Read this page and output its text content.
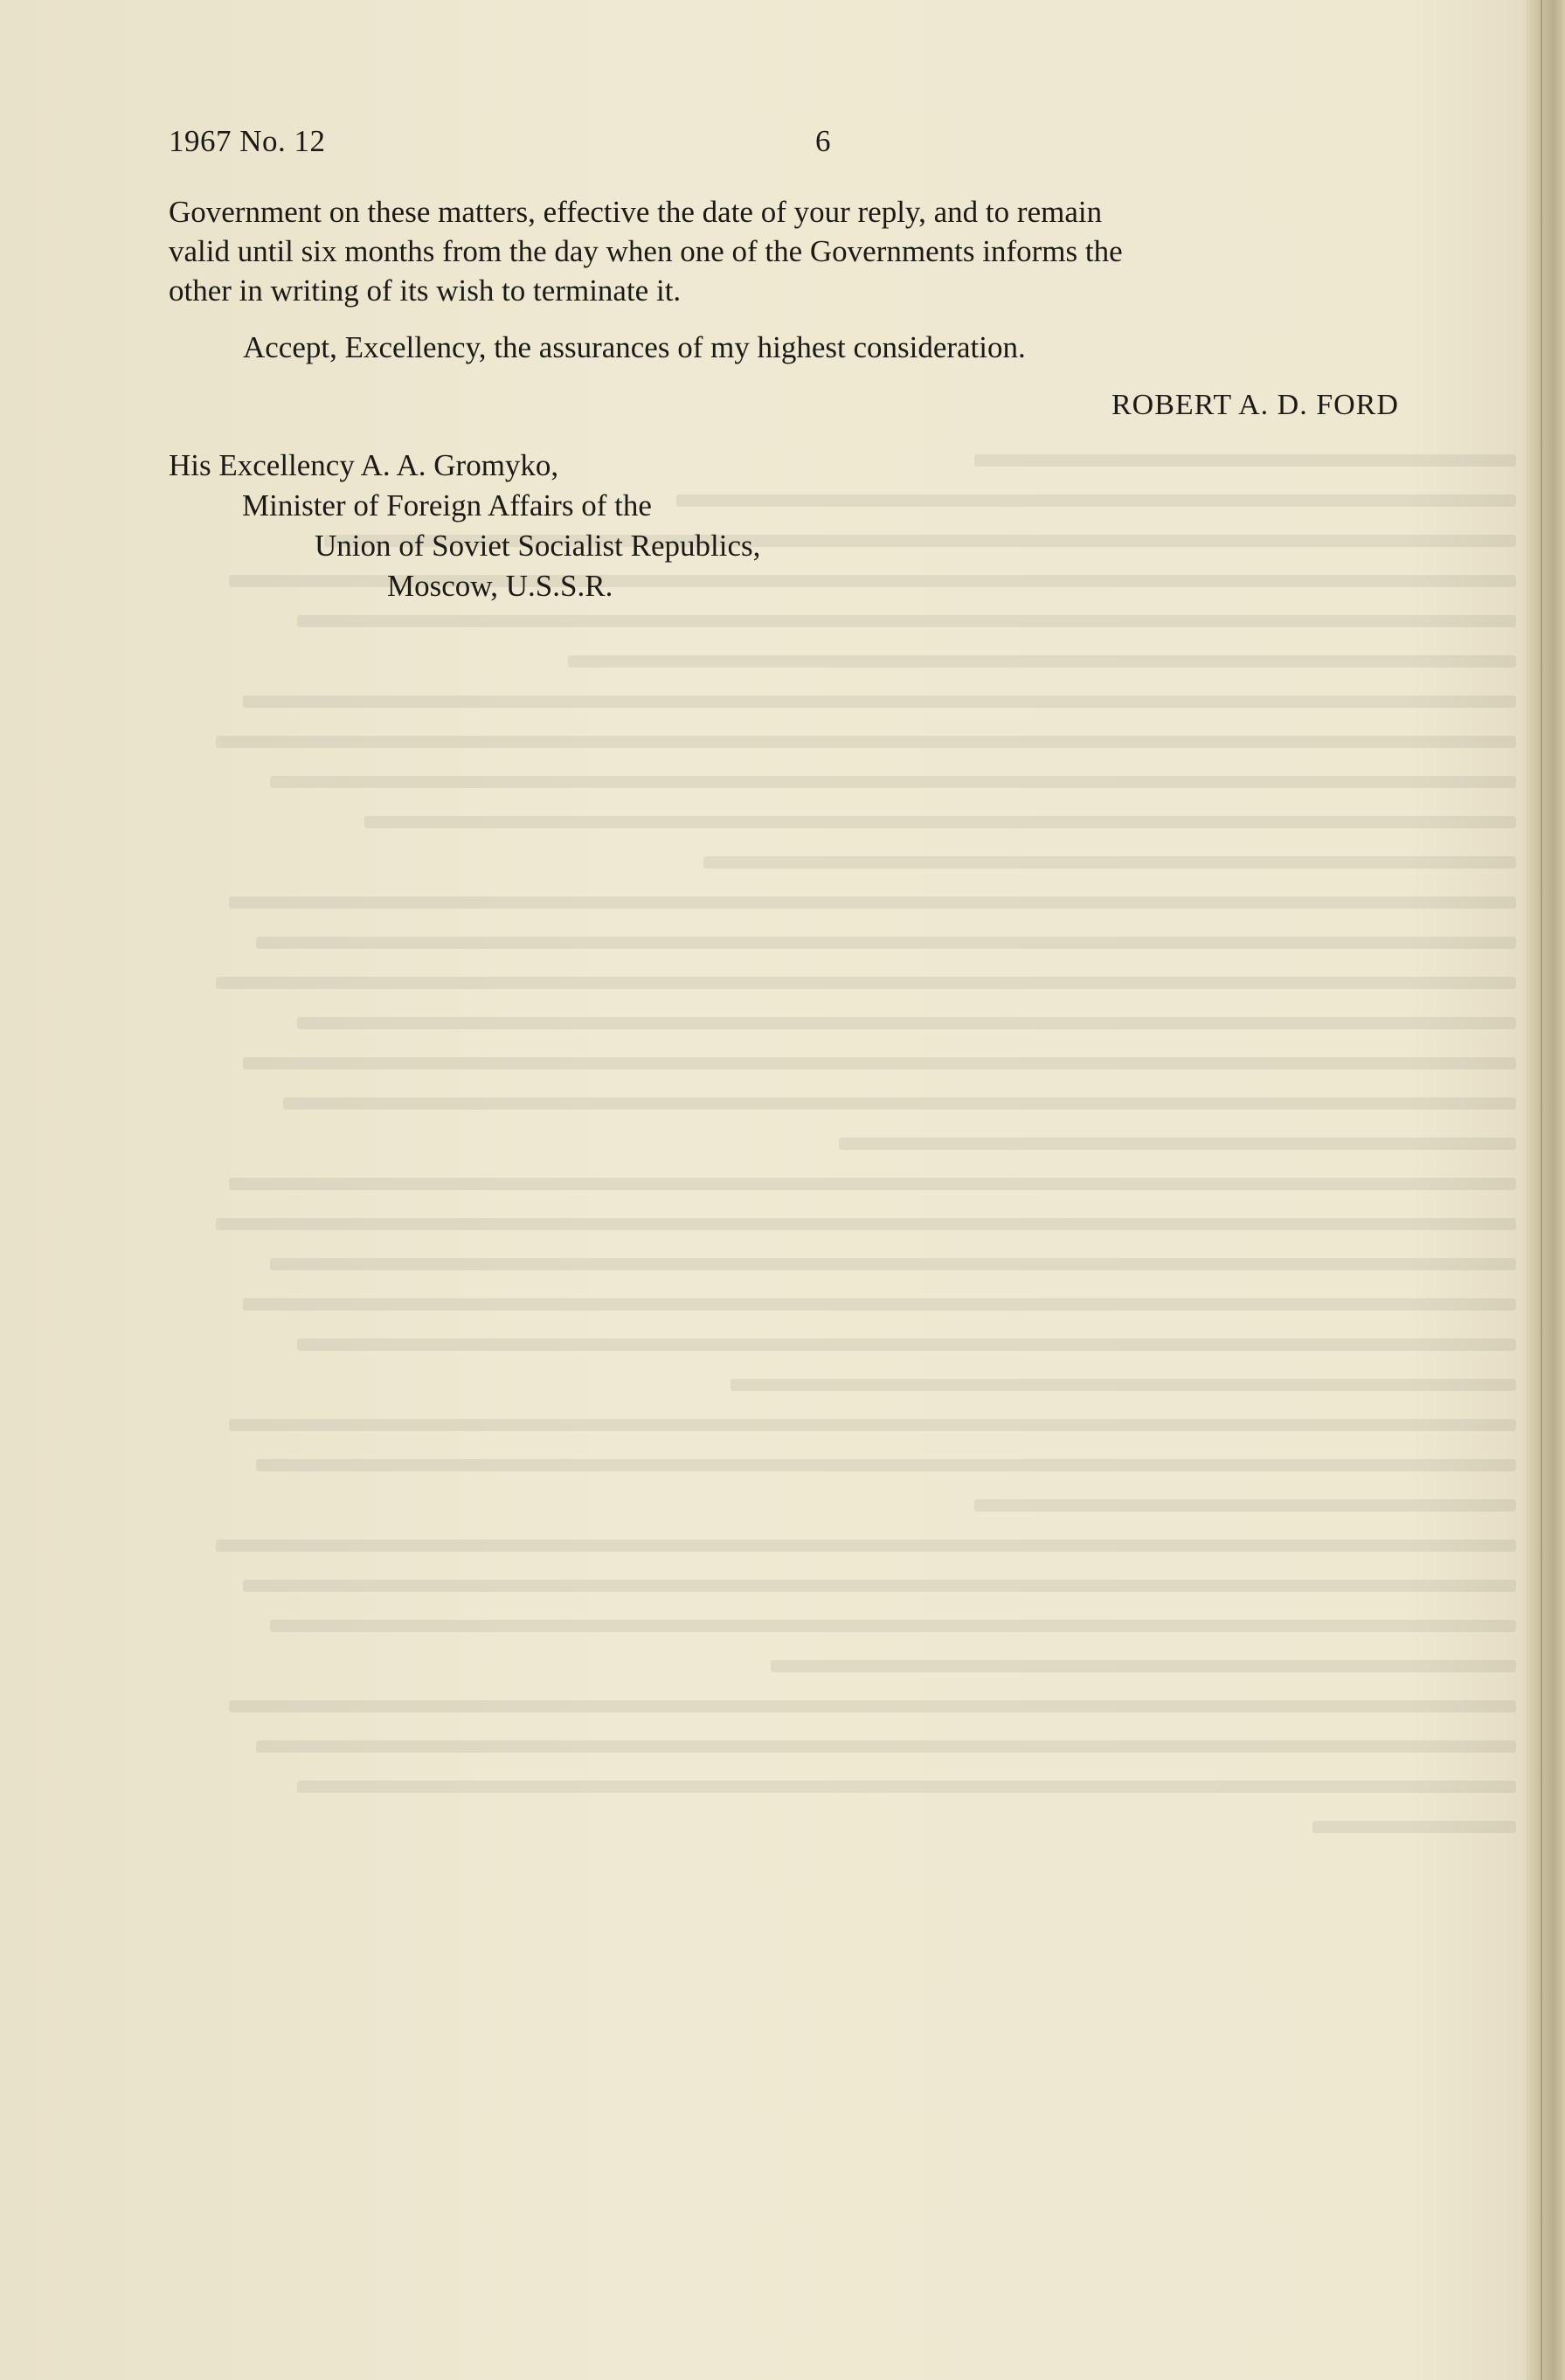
1967 No. 12	6

Government on these matters, effective the date of your reply, and to remain
valid until six months from the day when one of the Governments informs the
other in writing of its wish to terminate it.

Accept, Excellency, the assurances of my highest consideration.
ROBERT A. D. FORD
His Excellency A. A. Gromyko,
Minister of Foreign Affairs of the
Union of Soviet Socialist Republics,
Moscow, U.S.S.R.
